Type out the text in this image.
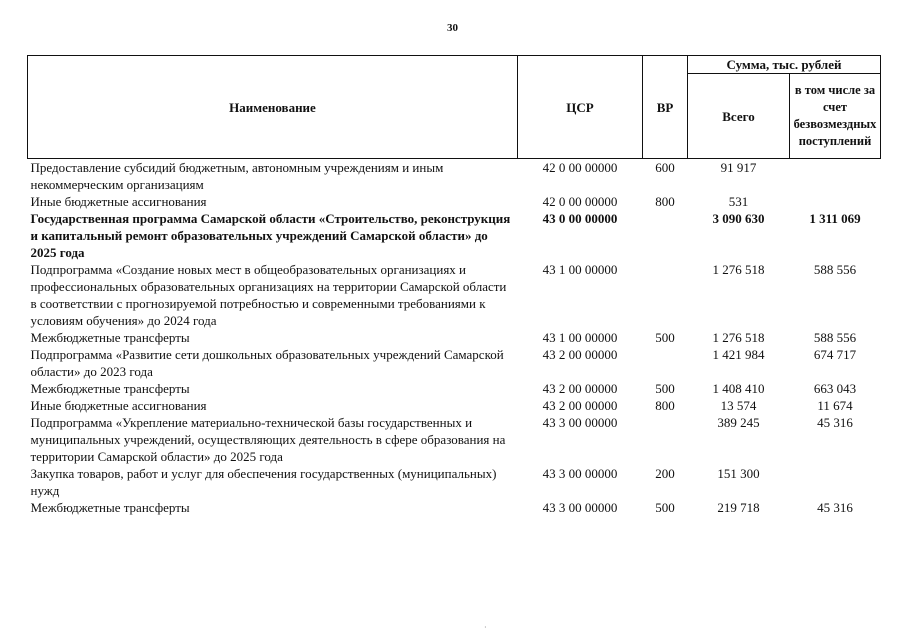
30
Наименование	ЦСР	ВР	Сумма, тыс. рублей	
			Всего	в том числе за счет безвозмездных поступлений
Предоставление субсидий бюджетным, автономным учреждениям и иным некоммерческим организациям	42 0 00 00000	600	91 917	
Иные бюджетные ассигнования	42 0 00 00000	800	531	
Государственная программа Самарской области «Строительство, реконструкция и капитальный ремонт образовательных учреждений Самарской области» до 2025 года	43 0 00 00000		3 090 630	1 311 069
Подпрограмма «Создание новых мест в общеобразовательных организациях и профессиональных образовательных организациях на территории Самарской области в соответствии с прогнозируемой потребностью и современными требованиями к условиям обучения» до 2024 года	43 1 00 00000		1 276 518	588 556
Межбюджетные трансферты	43 1 00 00000	500	1 276 518	588 556
Подпрограмма «Развитие сети дошкольных образовательных учреждений Самарской области» до 2023 года	43 2 00 00000		1 421 984	674 717
Межбюджетные трансферты	43 2 00 00000	500	1 408 410	663 043
Иные бюджетные ассигнования	43 2 00 00000	800	13 574	11 674
Подпрограмма «Укрепление материально-технической базы государственных и муниципальных учреждений, осуществляющих деятельность в сфере образования на территории Самарской области» до 2025 года	43 3 00 00000		389 245	45 316
Закупка товаров, работ и услуг для обеспечения государственных (муниципальных) нужд	43 3 00 00000	200	151 300	
Межбюджетные трансферты	43 3 00 00000	500	219 718	45 316
·
